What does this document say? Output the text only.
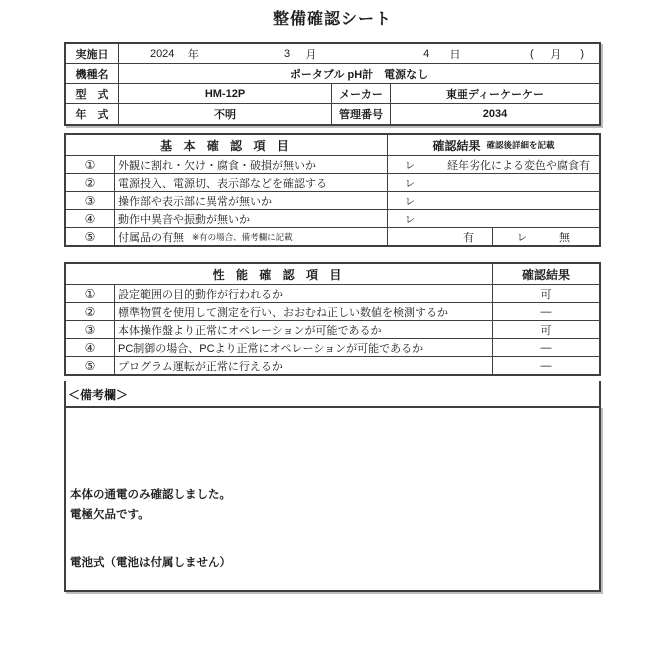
整備確認シート
実施日	2024 年	3 月	4 日	( 月 )
機種名	ポータブル pH計　電源なし
型　式	HM-12P	メーカー	東亜ディーケーケー
年　式	不明	管理番号	2034
基 本 確 認 項 目	確認結果 確認後詳細を記載
①	外観に割れ・欠け・腐食・破損が無いか	レ	経年劣化による変色や腐食有
②	電源投入、電源切、表示部などを確認する	レ
③	操作部や表示部に異常が無いか	レ
④	動作中異音や振動が無いか	レ
⑤	付属品の有無 ※有の場合、備考欄に記載	有	レ	無
性 能 確 認 項 目	確認結果
①	設定範囲の目的動作が行われるか	可
②	標準物質を使用して測定を行い、おおむね正しい数値を検測するか	―
③	本体操作盤より正常にオペレーションが可能であるか	可
④	PC制御の場合、PCより正常にオペレーションが可能であるか	―
⑤	プログラム運転が正常に行えるか	―
＜備考欄＞
本体の通電のみ確認しました。
電極欠品です。
電池式（電池は付属しません）
